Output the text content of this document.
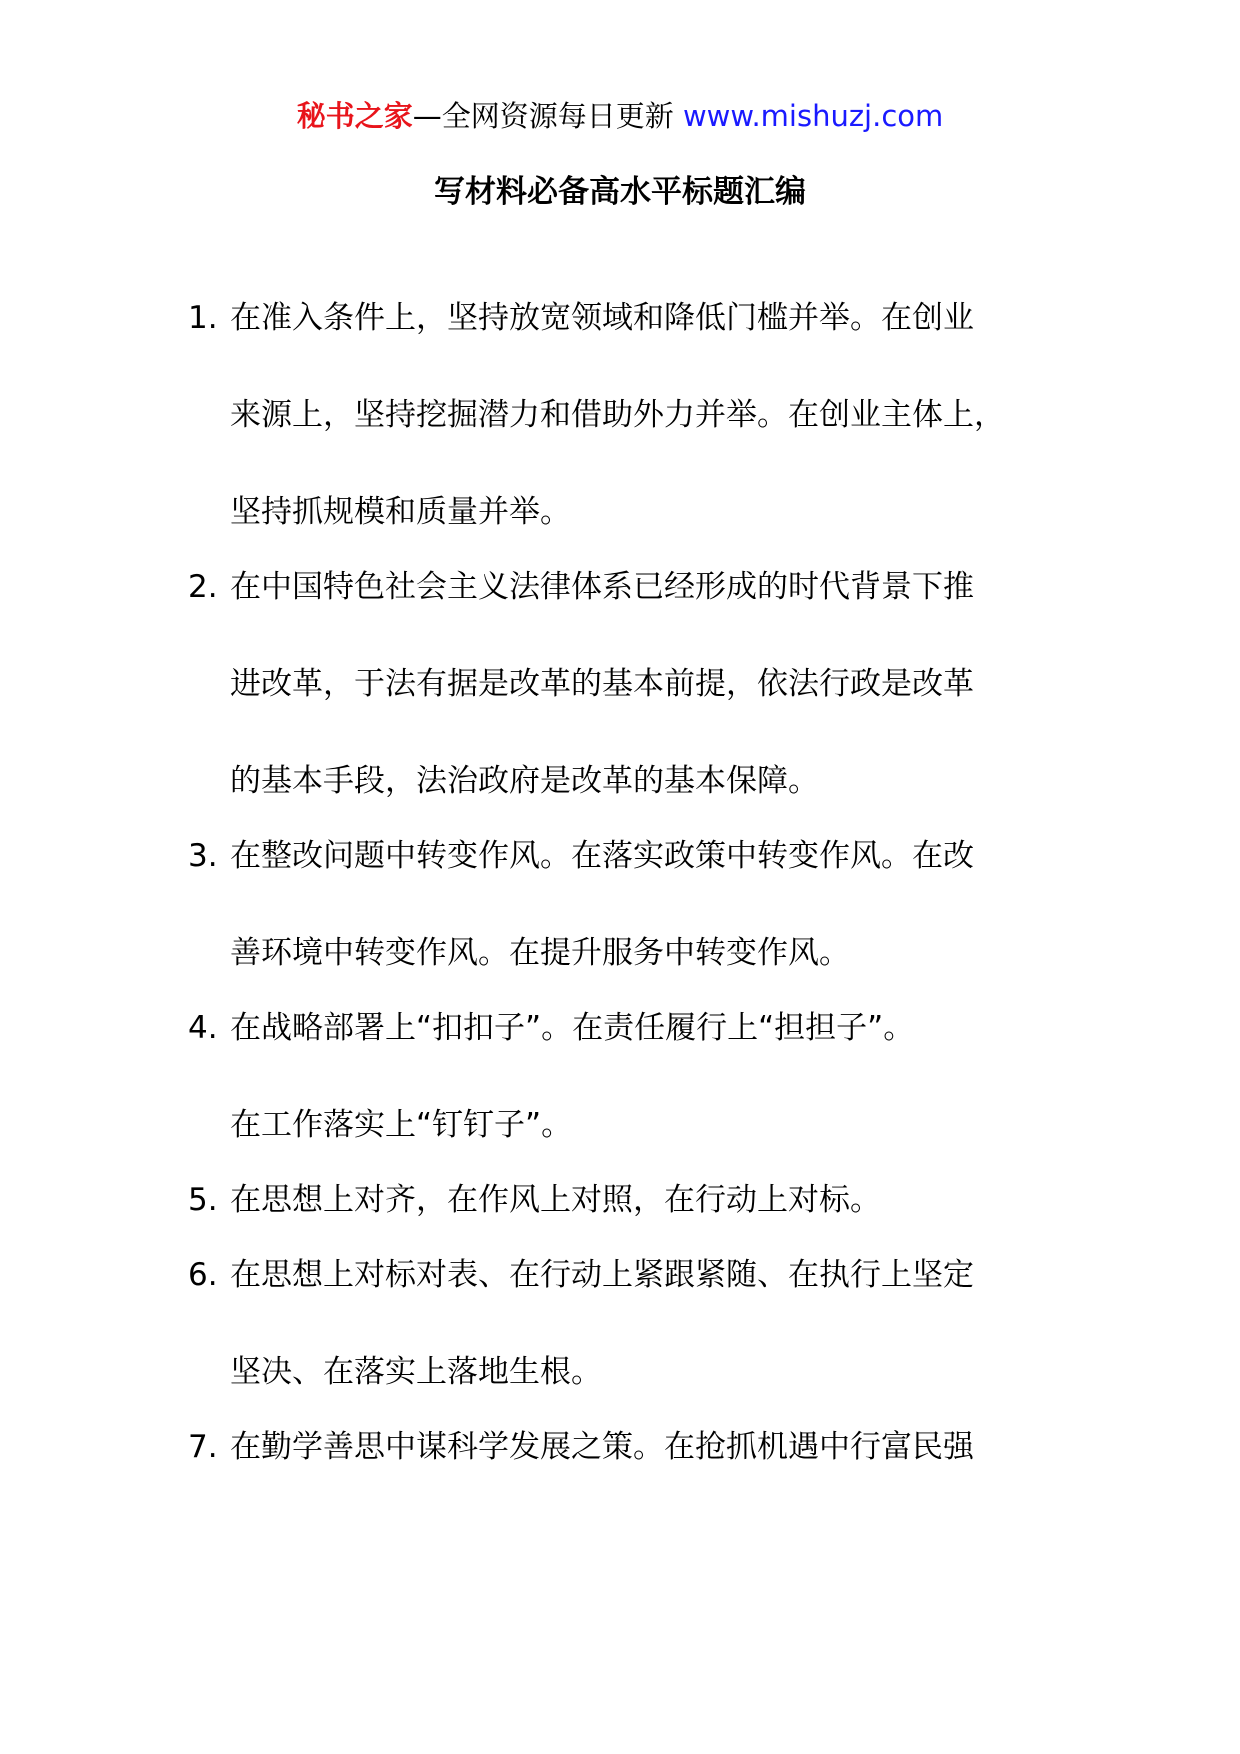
秘书之家—全网资源每日更新 www.mishuzj.com
写材料必备高水平标题汇编
1. 在准入条件上，坚持放宽领域和降低门槛并举。在创业
来源上，坚持挖掘潜力和借助外力并举。在创业主体上，
坚持抓规模和质量并举。
2. 在中国特色社会主义法律体系已经形成的时代背景下推
进改革，于法有据是改革的基本前提，依法行政是改革
的基本手段，法治政府是改革的基本保障。
3. 在整改问题中转变作风。在落实政策中转变作风。在改
善环境中转变作风。在提升服务中转变作风。
4. 在战略部署上“扣扣子”。在责任履行上“担担子”。
在工作落实上“钉钉子”。
5. 在思想上对齐，在作风上对照，在行动上对标。
6. 在思想上对标对表、在行动上紧跟紧随、在执行上坚定
坚决、在落实上落地生根。
7. 在勤学善思中谋科学发展之策。在抢抓机遇中行富民强
